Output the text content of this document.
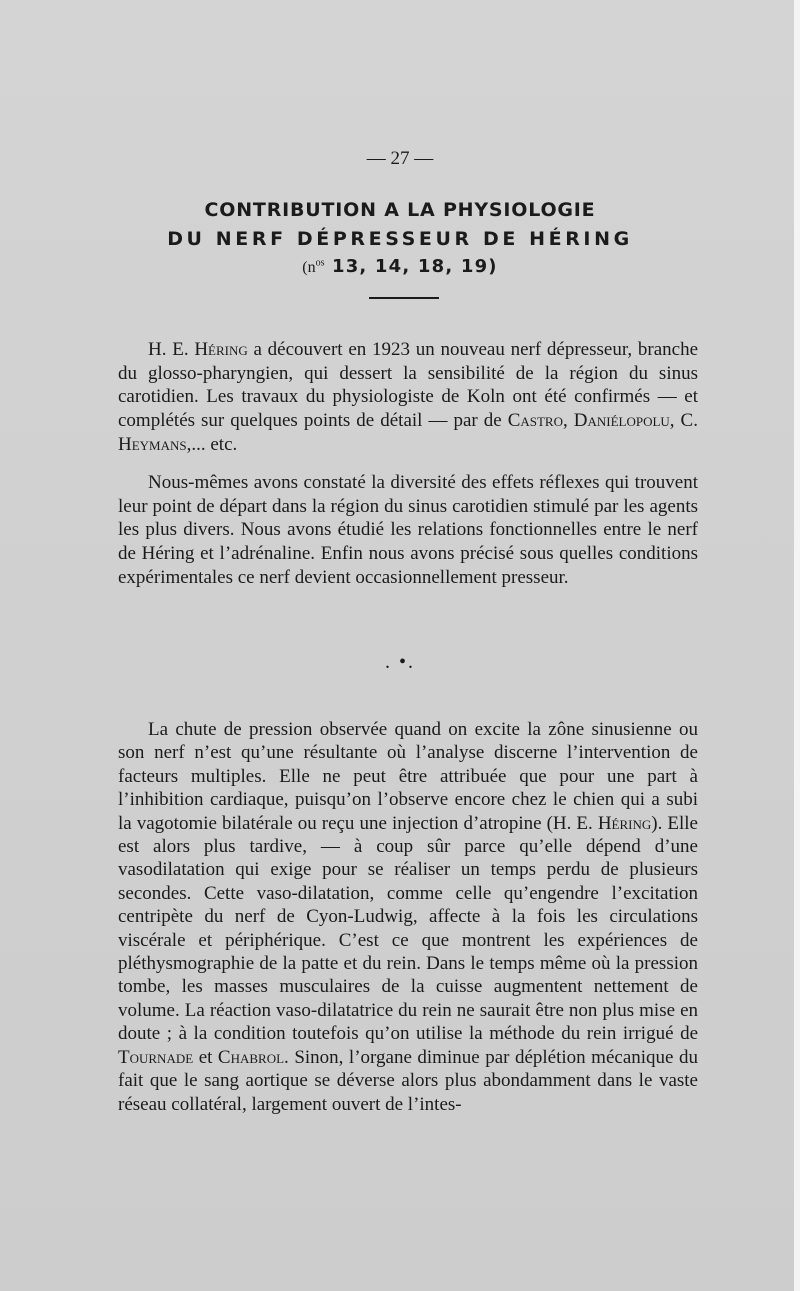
— 27 —
CONTRIBUTION A LA PHYSIOLOGIE
DU NERF DÉPRESSEUR DE HÉRING
($n^{os}$ 13, 14, 18, 19)

H. E. Héring a découvert en 1923 un nouveau nerf dépresseur, branche du glosso-pharyngien, qui dessert la sensibilité de la région du sinus carotidien. Les travaux du physiologiste de Koln ont été confirmés — et complétés sur quelques points de détail — par de Castro, Daniélopolu, C. Heymans,... etc.

Nous-mêmes avons constaté la diversité des effets réflexes qui trouvent leur point de départ dans la région du sinus carotidien stimulé par les agents les plus divers. Nous avons étudié les relations fonctionnelles entre le nerf de Héring et l’adrénaline. Enfin nous avons précisé sous quelles conditions expérimentales ce nerf devient occasionnellement presseur.

. •.

La chute de pression observée quand on excite la zône sinusienne ou son nerf n’est qu’une résultante où l’analyse discerne l’intervention de facteurs multiples. Elle ne peut être attribuée que pour une part à l’inhibition cardiaque, puisqu’on l’observe encore chez le chien qui a subi la vagotomie bilatérale ou reçu une injection d’atropine (H. E. Héring). Elle est alors plus tardive, — à coup sûr parce qu’elle dépend d’une vasodilatation qui exige pour se réaliser un temps perdu de plusieurs secondes. Cette vaso-dilatation, comme celle qu’engendre l’excitation centripète du nerf de Cyon-Ludwig, affecte à la fois les circulations viscérale et périphérique. C’est ce que montrent les expériences de pléthysmographie de la patte et du rein. Dans le temps même où la pression tombe, les masses musculaires de la cuisse augmentent nettement de volume. La réaction vaso-dilatatrice du rein ne saurait être non plus mise en doute ; à la condition toutefois qu’on utilise la méthode du rein irrigué de Tournade et Chabrol. Sinon, l’organe diminue par déplétion mécanique du fait que le sang aortique se déverse alors plus abondamment dans le vaste réseau collatéral, largement ouvert de l’intes-
